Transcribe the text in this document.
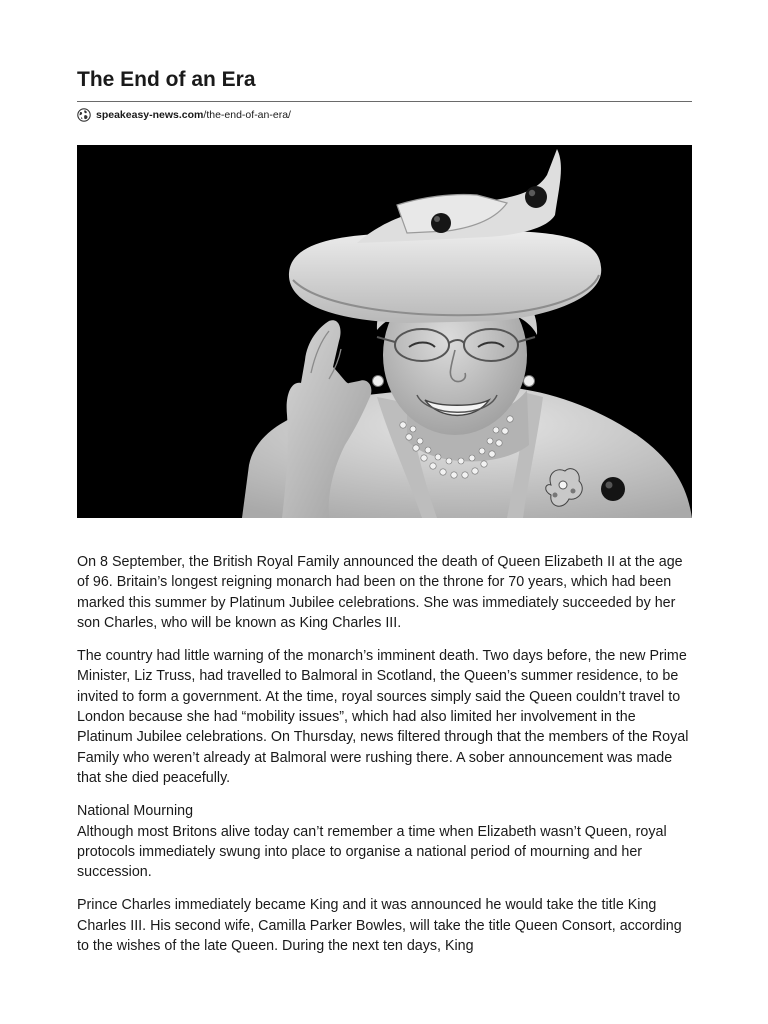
The End of an Era
speakeasy-news.com /the-end-of-an-era/

On 8 September, the British Royal Family announced the death of Queen Elizabeth II at the age of 96. Britain’s longest reigning monarch had been on the throne for 70 years, which had been marked this summer by Platinum Jubilee celebrations. She was immediately succeeded by her son Charles, who will be known as King Charles III.

The country had little warning of the monarch’s imminent death. Two days before, the new Prime Minister, Liz Truss, had travelled to Balmoral in Scotland, the Queen’s summer residence, to be invited to form a government. At the time, royal sources simply said the Queen couldn’t travel to London because she had “mobility issues”, which had also limited her involvement in the Platinum Jubilee celebrations. On Thursday, news filtered through that the members of the Royal Family who weren’t already at Balmoral were rushing there. A sober announcement was made that she died peacefully.

National Mourning

Although most Britons alive today can’t remember a time when Elizabeth wasn’t Queen, royal protocols immediately swung into place to organise a national period of mourning and her succession.

Prince Charles immediately became King and it was announced he would take the title King Charles III. His second wife, Camilla Parker Bowles, will take the title Queen Consort, according to the wishes of the late Queen. During the next ten days, King
